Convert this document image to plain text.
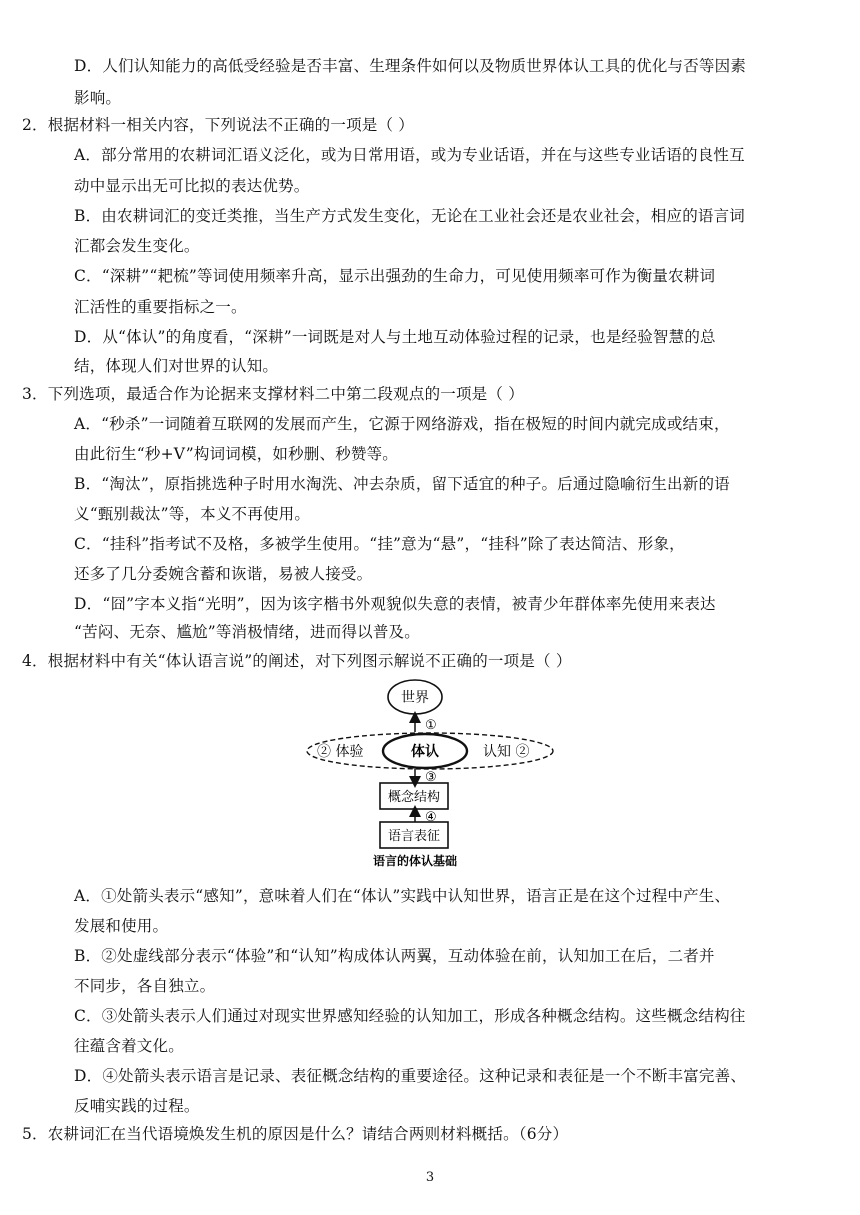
D．人们认知能力的高低受经验是否丰富、生理条件如何以及物质世界体认工具的优化与否等因素
影响。
2．根据材料一相关内容，下列说法不正确的一项是（ ）
A．部分常用的农耕词汇语义泛化，或为日常用语，或为专业话语，并在与这些专业话语的良性互
动中显示出无可比拟的表达优势。
B．由农耕词汇的变迁类推，当生产方式发生变化，无论在工业社会还是农业社会，相应的语言词
汇都会发生变化。
C．“深耕”“耙梳”等词使用频率升高，显示出强劲的生命力，可见使用频率可作为衡量农耕词
汇活性的重要指标之一。
D．从“体认”的角度看，“深耕”一词既是对人与土地互动体验过程的记录，也是经验智慧的总
结，体现人们对世界的认知。
3．下列选项，最适合作为论据来支撑材料二中第二段观点的一项是（ ）
A．“秒杀”一词随着互联网的发展而产生，它源于网络游戏，指在极短的时间内就完成或结束，
由此衍生“秒+V”构词词模，如秒删、秒赞等。
B．“淘汰”，原指挑选种子时用水淘洗、冲去杂质，留下适宜的种子。后通过隐喻衍生出新的语
义“甄别裁汰”等，本义不再使用。
C．“挂科”指考试不及格，多被学生使用。“挂”意为“悬”，“挂科”除了表达简洁、形象，
还多了几分委婉含蓄和诙谐，易被人接受。
D．“囧”字本义指“光明”，因为该字楷书外观貌似失意的表情，被青少年群体率先使用来表达
“苦闷、无奈、尴尬”等消极情绪，进而得以普及。
4．根据材料中有关“体认语言说”的阐述，对下列图示解说不正确的一项是（ ）
世界
①
体认
② 体验	认知 ②
③
概念结构
④
语言表征
语言的体认基础
A．①处箭头表示“感知”，意味着人们在“体认”实践中认知世界，语言正是在这个过程中产生、
发展和使用。
B．②处虚线部分表示“体验”和“认知”构成体认两翼，互动体验在前，认知加工在后，二者并
不同步，各自独立。
C．③处箭头表示人们通过对现实世界感知经验的认知加工，形成各种概念结构。这些概念结构往
往蕴含着文化。
D．④处箭头表示语言是记录、表征概念结构的重要途径。这种记录和表征是一个不断丰富完善、
反哺实践的过程。
5．农耕词汇在当代语境焕发生机的原因是什么？请结合两则材料概括。（6分）
3
